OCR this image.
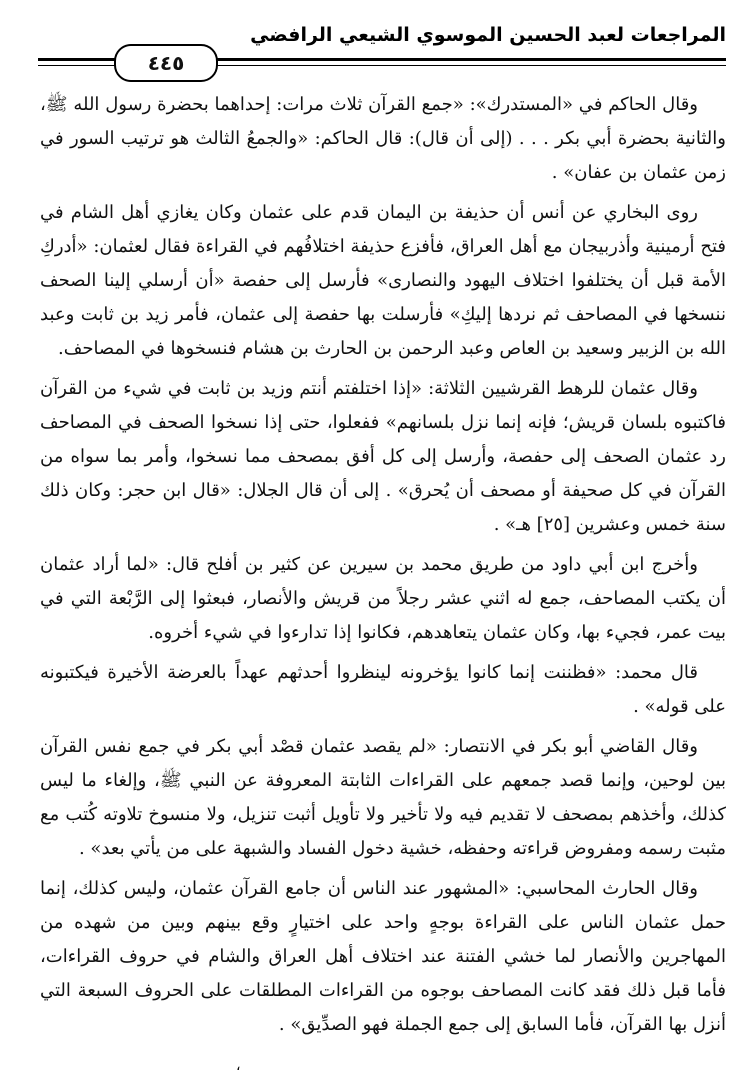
المراجعات لعبد الحسين الموسوي الشيعي الرافضي
٤٤٥

وقال الحاكم في «المستدرك»: «جمع القرآن ثلاث مرات: إحداهما بحضرة رسول الله ﷺ، والثانية بحضرة أبي بكر . . . (إلى أن قال): قال الحاكم: «والجمعُ الثالث هو ترتيب السور في زمن عثمان بن عفان» .

روى البخاري عن أنس أن حذيفة بن اليمان قدم على عثمان وكان يغازي أهل الشام في فتح أرمينية وأذربيجان مع أهل العراق، فأفزع حذيفة اختلافُهم في القراءة فقال لعثمان: «أدركِ الأمة قبل أن يختلفوا اختلاف اليهود والنصارى» فأرسل إلى حفصة «أن أرسلي إلينا الصحف ننسخها في المصاحف ثم نردها إليكِ» فأرسلت بها حفصة إلى عثمان، فأمر زيد بن ثابت وعبد الله بن الزبير وسعيد بن العاص وعبد الرحمن بن الحارث بن هشام فنسخوها في المصاحف.

وقال عثمان للرهط القرشيين الثلاثة: «إذا اختلفتم أنتم وزيد بن ثابت في شيء من القرآن فاكتبوه بلسان قريش؛ فإنه إنما نزل بلسانهم» ففعلوا، حتى إذا نسخوا الصحف في المصاحف رد عثمان الصحف إلى حفصة، وأرسل إلى كل أفق بمصحف مما نسخوا، وأمر بما سواه من القرآن في كل صحيفة أو مصحف أن يُحرق» . إلى أن قال الجلال: «قال ابن حجر: وكان ذلك سنة خمس وعشرين [٢٥] هـ» .

وأخرج ابن أبي داود من طريق محمد بن سيرين عن كثير بن أفلح قال: «لما أراد عثمان أن يكتب المصاحف، جمع له اثني عشر رجلاً من قريش والأنصار، فبعثوا إلى الرَّبْعة التي في بيت عمر، فجيء بها، وكان عثمان يتعاهدهم، فكانوا إذا تدارءوا في شيء أخروه.

قال محمد: «فظننت إنما كانوا يؤخرونه لينظروا أحدثهم عهداً بالعرضة الأخيرة فيكتبونه على قوله» .

وقال القاضي أبو بكر في الانتصار: «لم يقصد عثمان قصْد أبي بكر في جمع نفس القرآن بين لوحين، وإنما قصد جمعهم على القراءات الثابتة المعروفة عن النبي ﷺ، وإلغاء ما ليس كذلك، وأخذهم بمصحف لا تقديم فيه ولا تأخير ولا تأويل أثبت تنزيل، ولا منسوخ تلاوته كُتب مع مثبت رسمه ومفروض قراءته وحفظه، خشية دخول الفساد والشبهة على من يأتي بعد» .

وقال الحارث المحاسبي: «المشهور عند الناس أن جامع القرآن عثمان، وليس كذلك، إنما حمل عثمان الناس على القراءة بوجهٍ واحد على اختيارٍ وقع بينهم وبين من شهده من المهاجرين والأنصار لما خشي الفتنة عند اختلاف أهل العراق والشام في حروف القراءات، فأما قبل ذلك فقد كانت المصاحف بوجوه من القراءات المطلقات على الحروف السبعة التي أنزل بها القرآن، فأما السابق إلى جمع الجملة فهو الصدِّيق» .

،
